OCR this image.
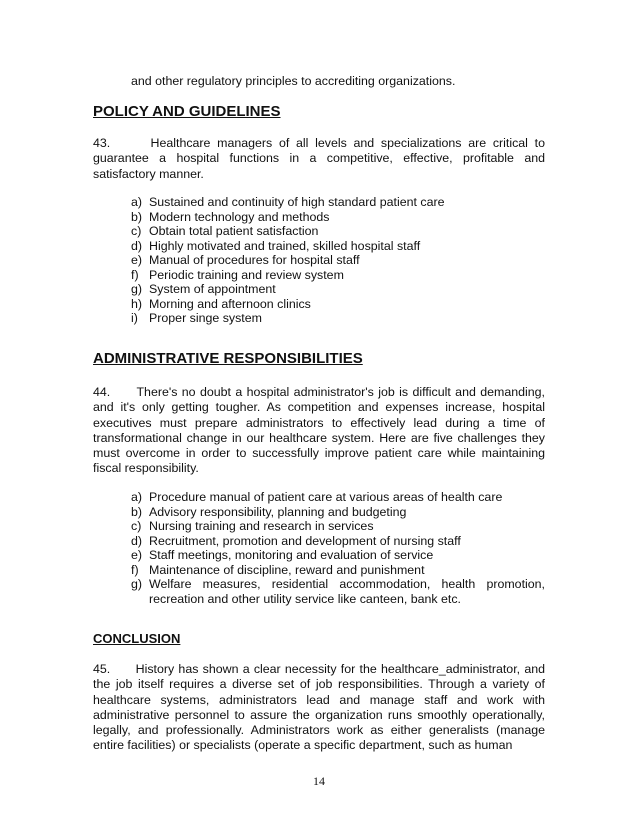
and other regulatory principles to accrediting organizations.
POLICY AND GUIDELINES
43.      Healthcare managers of all levels and specializations are critical to guarantee a hospital functions in a competitive, effective, profitable and satisfactory manner.
a) Sustained and continuity of high standard patient care
b) Modern technology and methods
c) Obtain total patient satisfaction
d) Highly motivated and trained, skilled hospital staff
e) Manual of procedures for hospital staff
f) Periodic training and review system
g) System of appointment
h) Morning and afternoon clinics
i) Proper singe system
ADMINISTRATIVE RESPONSIBILITIES
44.      There's no doubt a hospital administrator's job is difficult and demanding, and it's only getting tougher. As competition and expenses increase, hospital executives must prepare administrators to effectively lead during a time of transformational change in our healthcare system. Here are five challenges they must overcome in order to successfully improve patient care while maintaining fiscal responsibility.
a) Procedure manual of patient care at various areas of health care
b) Advisory responsibility, planning and budgeting
c) Nursing training and research in services
d) Recruitment, promotion and development of nursing staff
e) Staff meetings, monitoring and evaluation of service
f) Maintenance of discipline, reward and punishment
g) Welfare measures, residential accommodation, health promotion, recreation and other utility service like canteen, bank etc.
CONCLUSION
45.      History has shown a clear necessity for the healthcare_administrator, and the job itself requires a diverse set of job responsibilities. Through a variety of healthcare systems, administrators lead and manage staff and work with administrative personnel to assure the organization runs smoothly operationally, legally, and professionally. Administrators work as either generalists (manage entire facilities) or specialists (operate a specific department, such as human
14
